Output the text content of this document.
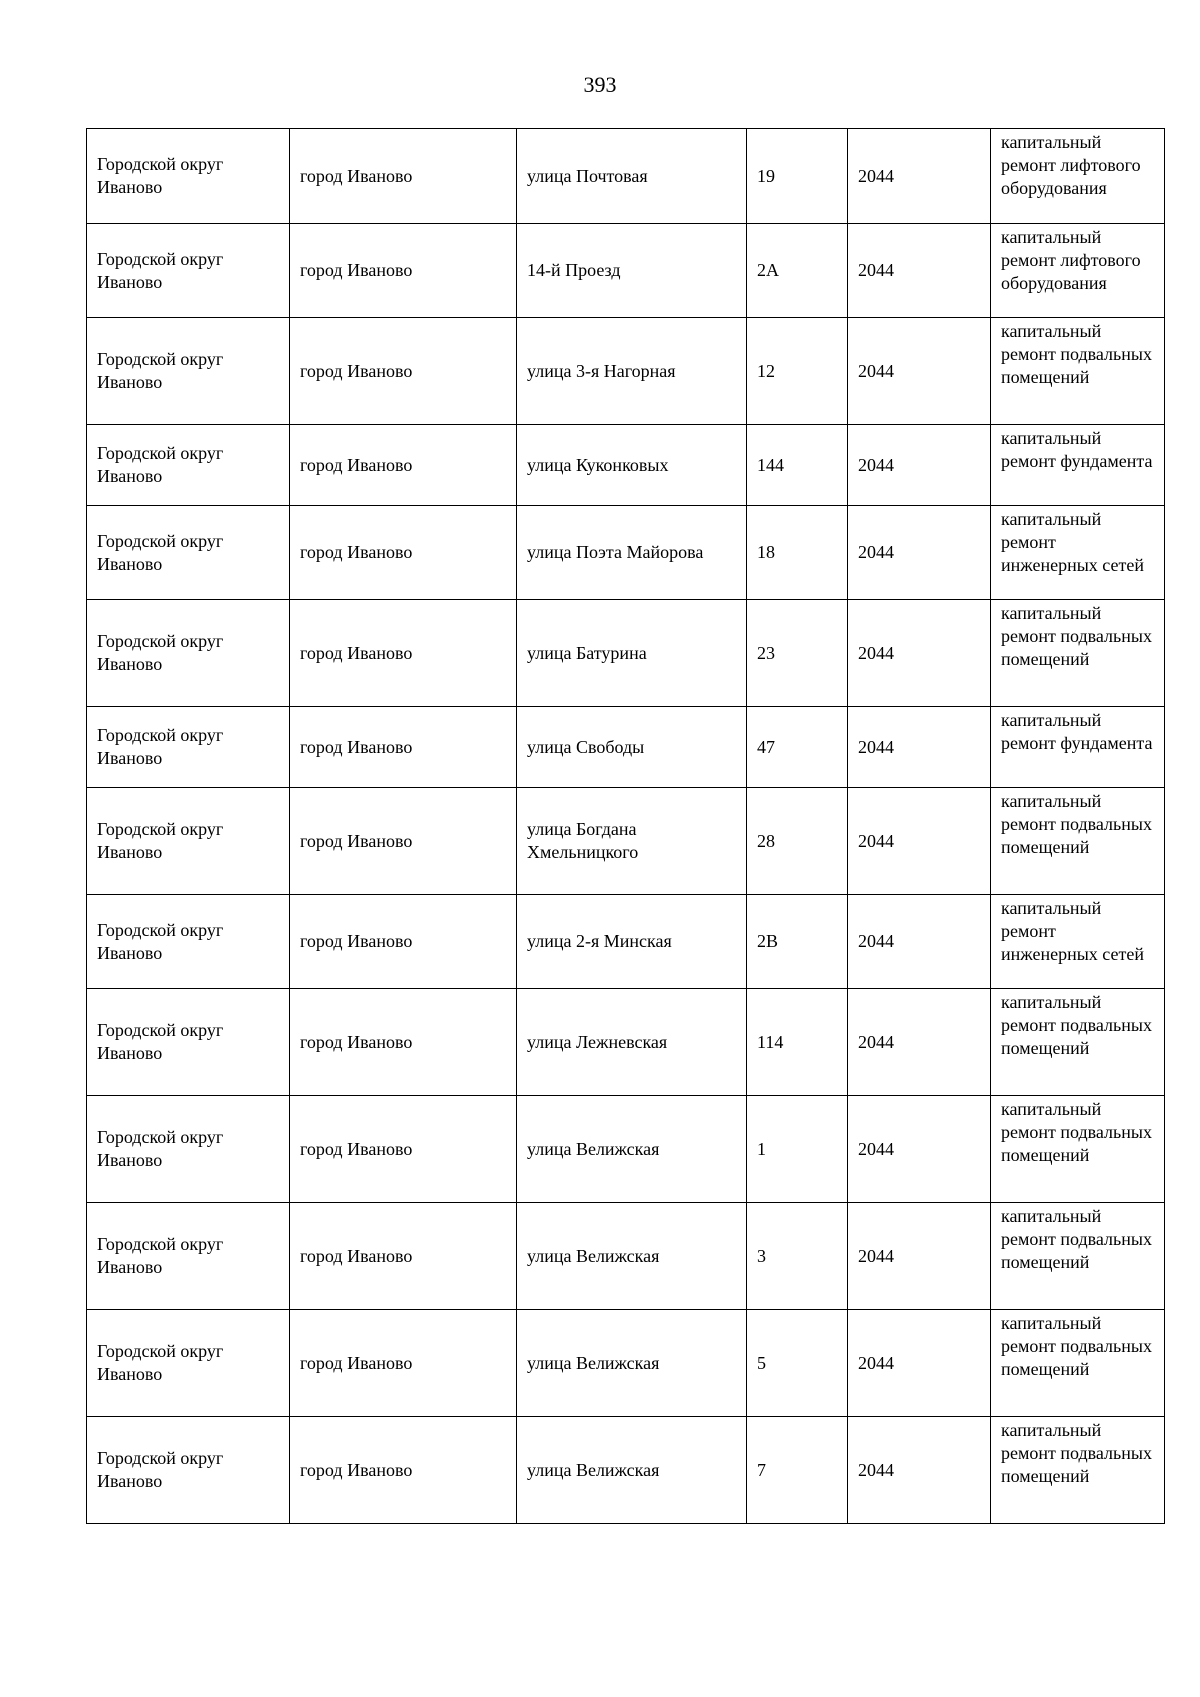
393
Городской округ Иваново	город Иваново	улица Почтовая	19	2044	капитальный ремонт лифтового оборудования
Городской округ Иваново	город Иваново	14-й Проезд	2А	2044	капитальный ремонт лифтового оборудования
Городской округ Иваново	город Иваново	улица 3-я Нагорная	12	2044	капитальный ремонт подвальных помещений
Городской округ Иваново	город Иваново	улица Куконковых	144	2044	капитальный ремонт фундамента
Городской округ Иваново	город Иваново	улица Поэта Майорова	18	2044	капитальный ремонт инженерных сетей
Городской округ Иваново	город Иваново	улица Батурина	23	2044	капитальный ремонт подвальных помещений
Городской округ Иваново	город Иваново	улица Свободы	47	2044	капитальный ремонт фундамента
Городской округ Иваново	город Иваново	улица Богдана Хмельницкого	28	2044	капитальный ремонт подвальных помещений
Городской округ Иваново	город Иваново	улица 2-я Минская	2В	2044	капитальный ремонт инженерных сетей
Городской округ Иваново	город Иваново	улица Лежневская	114	2044	капитальный ремонт подвальных помещений
Городской округ Иваново	город Иваново	улица Велижская	1	2044	капитальный ремонт подвальных помещений
Городской округ Иваново	город Иваново	улица Велижская	3	2044	капитальный ремонт подвальных помещений
Городской округ Иваново	город Иваново	улица Велижская	5	2044	капитальный ремонт подвальных помещений
Городской округ Иваново	город Иваново	улица Велижская	7	2044	капитальный ремонт подвальных помещений
